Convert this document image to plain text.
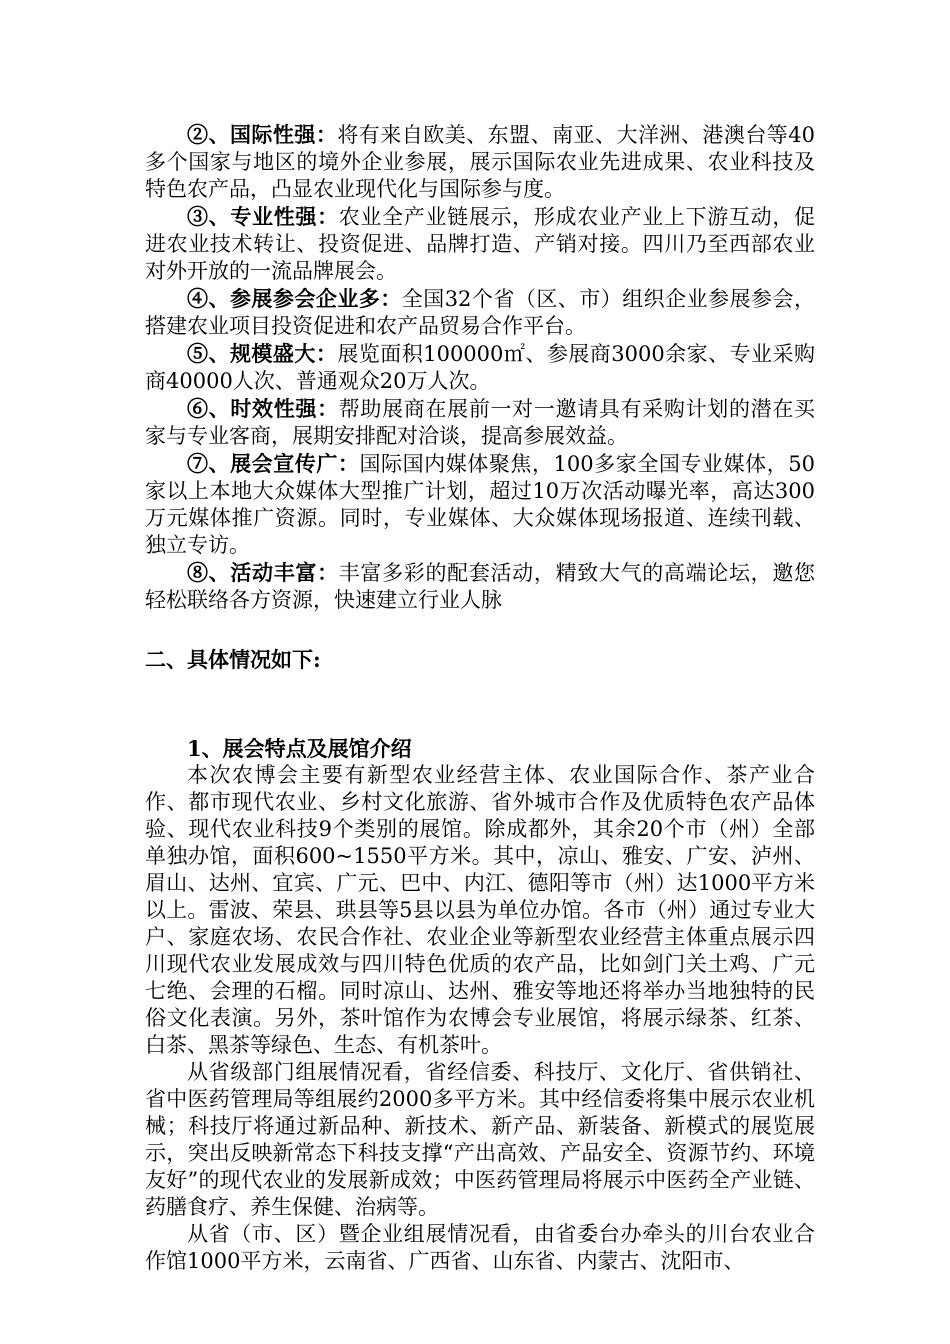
②、国际性强：将有来自欧美、东盟、南亚、大洋洲、港澳台等40多个国家与地区的境外企业参展，展示国际农业先进成果、农业科技及特色农产品，凸显农业现代化与国际参与度。

③、专业性强：农业全产业链展示，形成农业产业上下游互动，促进农业技术转让、投资促进、品牌打造、产销对接。四川乃至西部农业对外开放的一流品牌展会。

④、参展参会企业多：全国32个省（区、市）组织企业参展参会，搭建农业项目投资促进和农产品贸易合作平台。

⑤、规模盛大：展览面积100000㎡、参展商3000余家、专业采购商40000人次、普通观众20万人次。

⑥、时效性强：帮助展商在展前一对一邀请具有采购计划的潜在买家与专业客商，展期安排配对洽谈，提高参展效益。

⑦、展会宣传广：国际国内媒体聚焦，100多家全国专业媒体，50家以上本地大众媒体大型推广计划，超过10万次活动曝光率，高达300万元媒体推广资源。同时，专业媒体、大众媒体现场报道、连续刊载、独立专访。

⑧、活动丰富：丰富多彩的配套活动，精致大气的高端论坛，邀您轻松联络各方资源，快速建立行业人脉

二、具体情况如下:

1、展会特点及展馆介绍

本次农博会主要有新型农业经营主体、农业国际合作、茶产业合作、都市现代农业、乡村文化旅游、省外城市合作及优质特色农产品体验、现代农业科技9个类别的展馆。除成都外，其余20个市（州）全部单独办馆，面积600~1550平方米。其中，凉山、雅安、广安、泸州、眉山、达州、宜宾、广元、巴中、内江、德阳等市（州）达1000平方米以上。雷波、荣县、珙县等5县以县为单位办馆。各市（州）通过专业大户、家庭农场、农民合作社、农业企业等新型农业经营主体重点展示四川现代农业发展成效与四川特色优质的农产品，比如剑门关土鸡、广元七绝、会理的石榴。同时凉山、达州、雅安等地还将举办当地独特的民俗文化表演。另外，茶叶馆作为农博会专业展馆，将展示绿茶、红茶、白茶、黑茶等绿色、生态、有机茶叶。

从省级部门组展情况看，省经信委、科技厅、文化厅、省供销社、省中医药管理局等组展约2000多平方米。其中经信委将集中展示农业机械；科技厅将通过新品种、新技术、新产品、新装备、新模式的展览展示，突出反映新常态下科技支撑“产出高效、产品安全、资源节约、环境友好”的现代农业的发展新成效；中医药管理局将展示中医药全产业链、药膳食疗、养生保健、治病等。

从省（市、区）暨企业组展情况看，由省委台办牵头的川台农业合作馆1000平方米，云南省、广西省、山东省、内蒙古、沈阳市、
